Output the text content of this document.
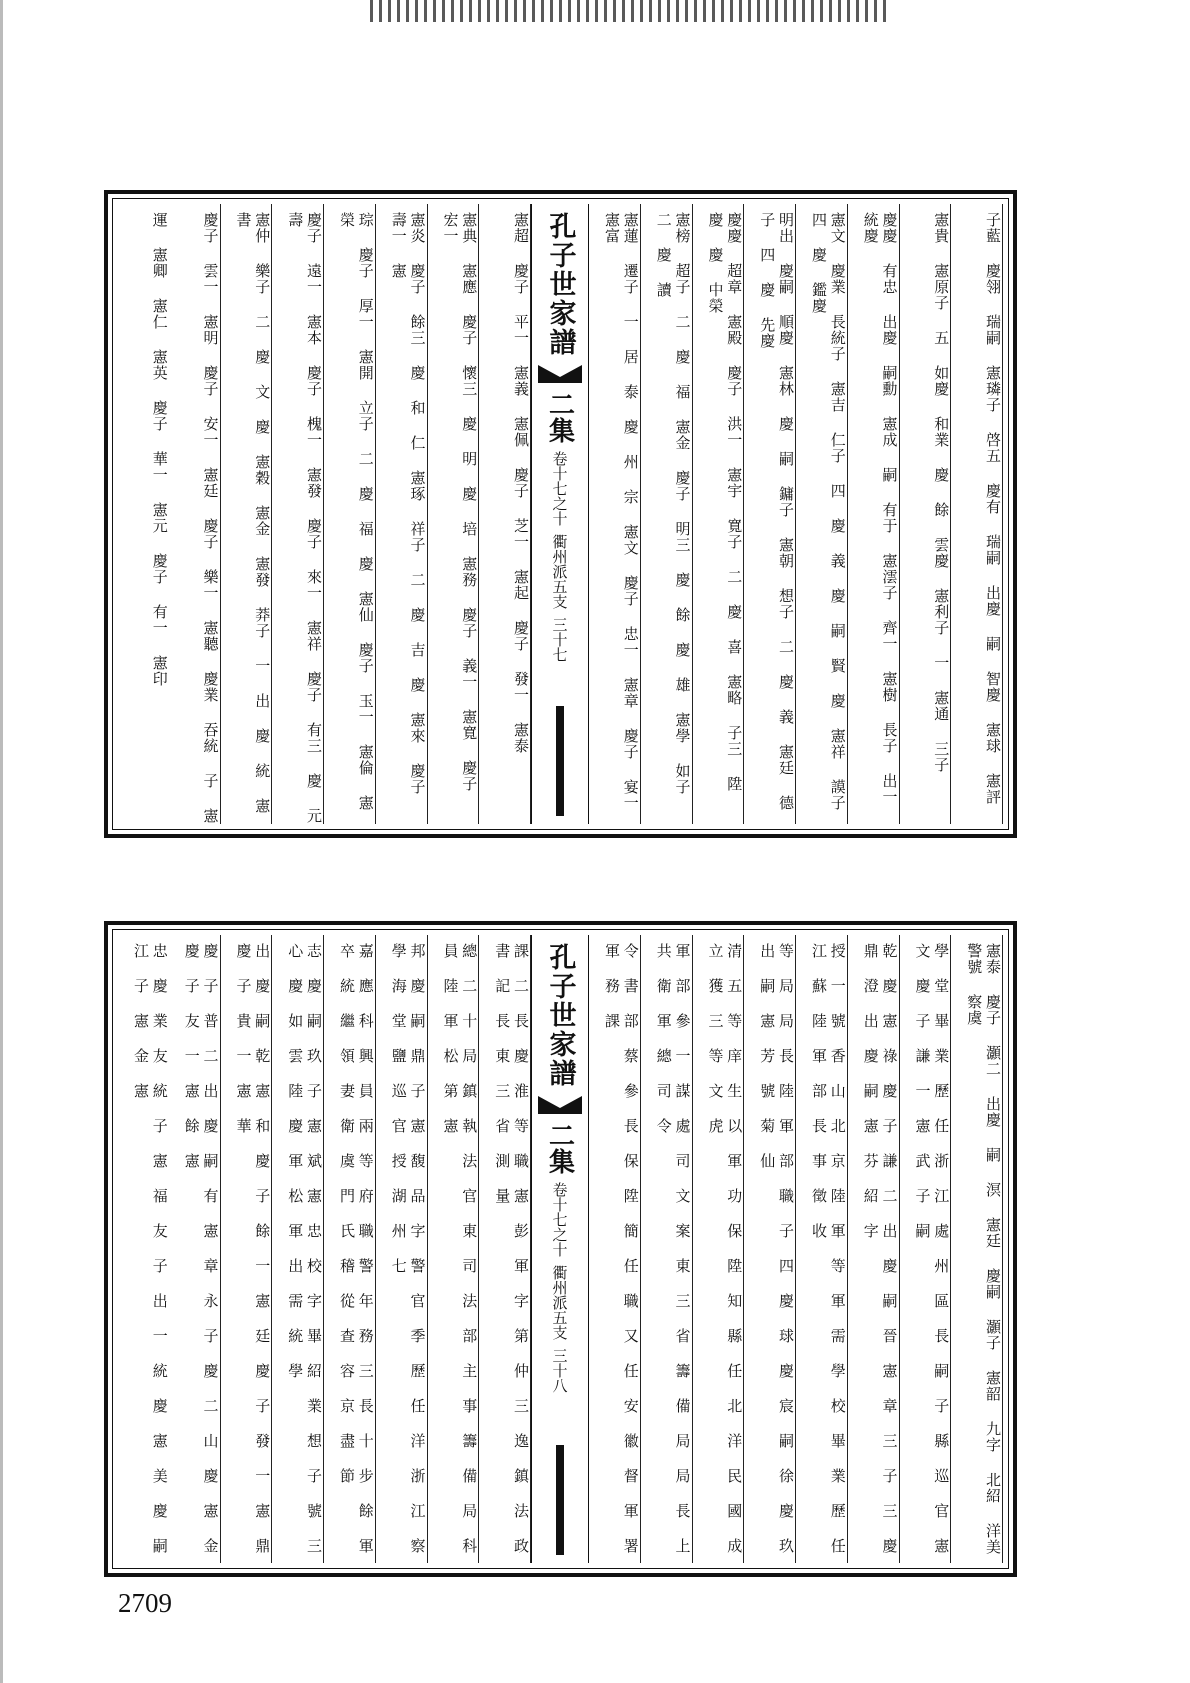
子藍 慶翎 瑞嗣 憲璘子 啓五 慶有 瑞嗣 出慶 嗣 智慶 憲球 憲評
憲貴 憲原子 五 如慶 和業 慶 餘 雲慶 憲利子 一 憲通 三子
慶慶 有忠 出慶 嗣勳 憲成 嗣 有于 憲澐子 齊一 憲樹 長子 出一 統慶
憲文 慶業 長統子 憲吉 仁子 四 慶 義 慶 嗣 賢 慶 憲祥 謨子 四 慶 鑑慶
明出 慶嗣 順慶 憲林 慶 嗣 鏞子 憲朝 想子 二 慶 義 憲廷 德子 四 慶 先慶
慶慶 超章 憲殿 慶子 洪一 憲宇 寬子 二 慶 喜 憲略 子三 陞 慶 慶 中榮
憲榜 超子 二 慶 福 憲金 慶子 明三 慶 餘 慶 雄 憲學 如子 二 慶 讀
憲蓮 遷子 一 居 泰 慶 州 宗 憲文 慶子 忠一 憲章 慶子 宴一 憲富
孔子世家譜
二集
卷十七之十
衢州派五支
三十七
憲超 慶子 平一 憲義 憲佩 慶子 芝一 憲起 慶子 發一 憲泰
憲典 憲應 慶子 懷三 慶 明 慶 培 憲務 慶子 義一 憲寬 慶子 宏一
憲炎 慶子 餘三 慶 和 仁 憲琢 祥子 二 慶 吉 慶 憲來 慶子 壽一 憲
琮 慶子 厚一 憲開 立子 二 慶 福 慶 憲仙 慶子 玉一 憲倫 憲榮
慶子 遠一 憲本 慶子 槐一 憲發 慶子 來一 憲祥 慶子 有三 慶 元 壽
憲仲 樂子 二 慶 文 慶 憲穀 憲金 憲發 莽子 一 出 慶 統 憲書
慶子 雲一 憲明 慶子 安一 憲廷 慶子 樂一 憲聽 慶業 吞統 子 憲
運 憲卿 憲仁 憲英 慶子 華一 憲元 慶子 有一 憲印
憲泰 慶子 灝二 出慶 嗣 溟 憲廷 慶嗣 灝子 憲韶 九字 北紹 洋美 警號 察虞
學 堂 畢 業 歷 任 浙 江 處 州 區 長 嗣 子 縣 巡 官 憲 文 慶 子 謙 一 憲 武 子 嗣
乾 慶 憲 祿 慶 子 謙 二 出 慶 嗣 晉 憲 章 三 子 三 慶 鼎 澄 出 慶 嗣 憲 芬 紹 字
授 一 號 香 山 北 京 陸 軍 等 軍 需 學 校 畢 業 歷 任 江 蘇 陸 軍 部 長 事 徵 收
等 局 局 長 陸 軍 部 職 子 四 慶 球 慶 宸 嗣 徐 慶 玖 出 嗣 憲 芳 號 菊 仙
清 五 等 庠 生 以 軍 功 保 陞 知 縣 任 北 洋 民 國 成 立 獲 三 等 文 虎
軍 部 參 一 謀 處 司 文 案 東 三 省 籌 備 局 局 長 上 共 衛 軍 總 司 令
令 書 部 蔡 參 長 保 陞 簡 任 職 又 任 安 徽 督 軍 署 軍 務 課
孔子世家譜
二集
卷十七之十
衢州派五支
三十八
課 二 長 慶 淮 等 職 憲 彭 軍 字 第 仲 三 逸 鎮 法 政 書 記 長 東 三 省 測 量
總 二 十 局 鎮 執 法 官 東 司 法 部 主 事 籌 備 局 科 員 陸 軍 松 第 憲
邦 慶 嗣 鼎 子 憲 馥 品 字 警 官 季 歷 任 洋 浙 江 察 學 海 堂 鹽 巡 官 授 湖 州 七
嘉 應 科 興 員 兩 等 府 職 警 年 務 三 長 十 步 餘 軍 卒 統 繼 領 妻 衛 虞 門 氏 稽 從 查 容 京 盡 節
志 慶 嗣 玖 子 憲 斌 憲 忠 校 字 畢 紹 業 想 子 號 三 心 慶 如 雲 陸 慶 軍 松 軍 出 需 統 學
出 慶 嗣 乾 憲 和 慶 子 餘 一 憲 廷 慶 子 發 一 憲 鼎 慶 子 貴 一 憲 華
慶 子 普 二 出 慶 嗣 有 憲 章 永 子 慶 二 山 慶 憲 金 慶 子 友 一 憲 餘 憲
忠 慶 業 友 統 子 憲 福 友 子 出 一 統 慶 憲 美 慶 嗣 江 子 憲 金 憲
2709
